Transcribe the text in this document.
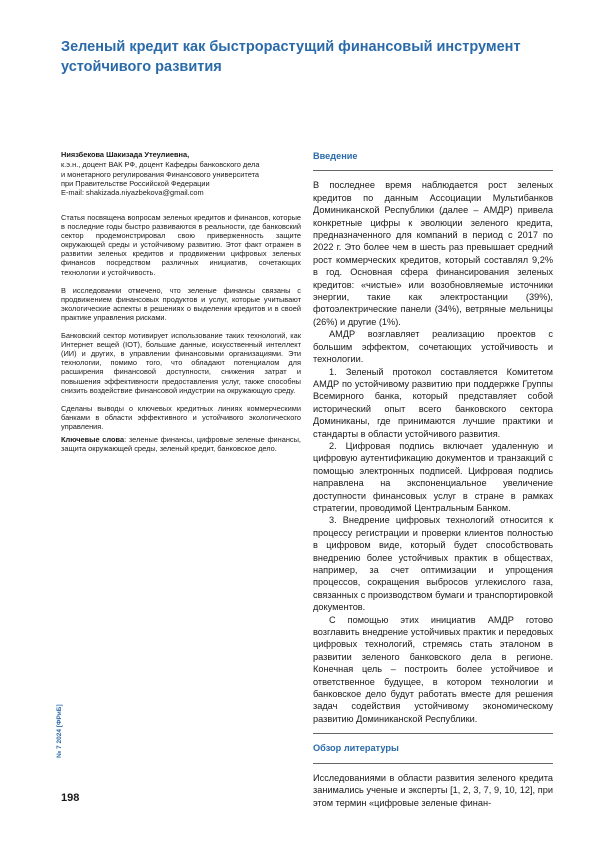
Зеленый кредит как быстрорастущий финансовый инструмент устойчивого развития
Ниязбекова Шакизада Утеулиевна,
к.э.н., доцент ВАК РФ, доцент Кафедры банковского дела
и монетарного регулирования Финансового университета
при Правительстве Российской Федерации
E-mail: shakizada.niyazbekova@gmail.com

Статья посвящена вопросам зеленых кредитов и финансов, которые в последние годы быстро развиваются в реальности, где банковский сектор продемонстрировал свою приверженность защите окружающей среды и устойчивому развитию. Этот факт отражен в развитии зеленых кредитов и продвижении цифровых зеленых финансов посредством различных инициатив, сочетающих технологии и устойчивость.

В исследовании отмечено, что зеленые финансы связаны с продвижением финансовых продуктов и услуг, которые учитывают экологические аспекты в решениях о выделении кредитов и в своей практике управления рисками.

Банковский сектор мотивирует использование таких технологий, как Интернет вещей (IOT), большие данные, искусственный интеллект (ИИ) и других, в управлении финансовыми организациями. Эти технологии, помимо того, что обладают потенциалом для расширения финансовой доступности, снижения затрат и повышения эффективности предоставления услуг, также способны снизить воздействие финансовой индустрии на окружающую среду.

Сделаны выводы о ключевых кредитных линиях коммерческими банками в области эффективного и устойчивого экологического управления.

Ключевые слова: зеленые финансы, цифровые зеленые финансы, защита окружающей среды, зеленый кредит, банковское дело.

Введение

В последнее время наблюдается рост зеленых кредитов по данным Ассоциации Мультибанков Доминиканской Республики (далее – АМДР) привела конкретные цифры к эволюции зеленого кредита, предназначенного для компаний в период с 2017 по 2022 г. Это более чем в шесть раз превышает средний рост коммерческих кредитов, который составлял 9,2% в год. Основная сфера финансирования зеленых кредитов: «чистые» или возобновляемые источники энергии, такие как электростанции (39%), фотоэлектрические панели (34%), ветряные мельницы (26%) и другие (1%).

АМДР возглавляет реализацию проектов с большим эффектом, сочетающих устойчивость и технологии.

1. Зеленый протокол составляется Комитетом АМДР по устойчивому развитию при поддержке Группы Всемирного банка, который представляет собой исторический опыт всего банковского сектора Доминиканы, где принимаются лучшие практики и стандарты в области устойчивого развития.

2. Цифровая подпись включает удаленную и цифровую аутентификацию документов и транзакций с помощью электронных подписей. Цифровая подпись направлена на экспоненциальное увеличение доступности финансовых услуг в стране в рамках стратегии, проводимой Центральным Банком.

3. Внедрение цифровых технологий относится к процессу регистрации и проверки клиентов полностью в цифровом виде, который будет способствовать внедрению более устойчивых практик в обществах, например, за счет оптимизации и упрощения процессов, сокращения выбросов углекислого газа, связанных с производством бумаги и транспортировкой документов.

С помощью этих инициатив АМДР готово возглавить внедрение устойчивых практик и передовых цифровых технологий, стремясь стать эталоном в развитии зеленого банковского дела в регионе. Конечная цель – построить более устойчивое и ответственное будущее, в котором технологии и банковское дело будут работать вместе для решения задач содействия устойчивому экономическому развитию Доминиканской Республики.

Обзор литературы

Исследованиями в области развития зеленого кредита занимались ученые и эксперты [1, 2, 3, 7, 9, 10, 12], при этом термин «цифровые зеленые финан-

№ 7 2024 [ФРиБ]
198
